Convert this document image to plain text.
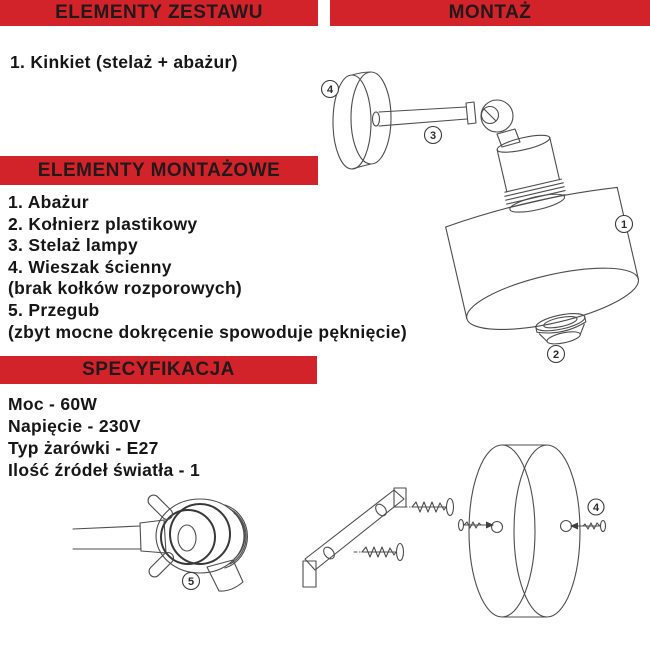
ELEMENTY ZESTAWU	MONTAŻ
1. Kinkiet (stelaż + abażur)
ELEMENTY MONTAŻOWE
1. Abażur
2. Kołnierz plastikowy
3. Stelaż lampy
4. Wieszak ścienny
(brak kołków rozporowych)
5. Przegub
(zbyt mocne dokręcenie spowoduje pęknięcie)
SPECYFIKACJA
Moc - 60W
Napięcie - 230V
Typ żarówki - E27
Ilość źródeł światła - 1
4
3
1
2
5
4
